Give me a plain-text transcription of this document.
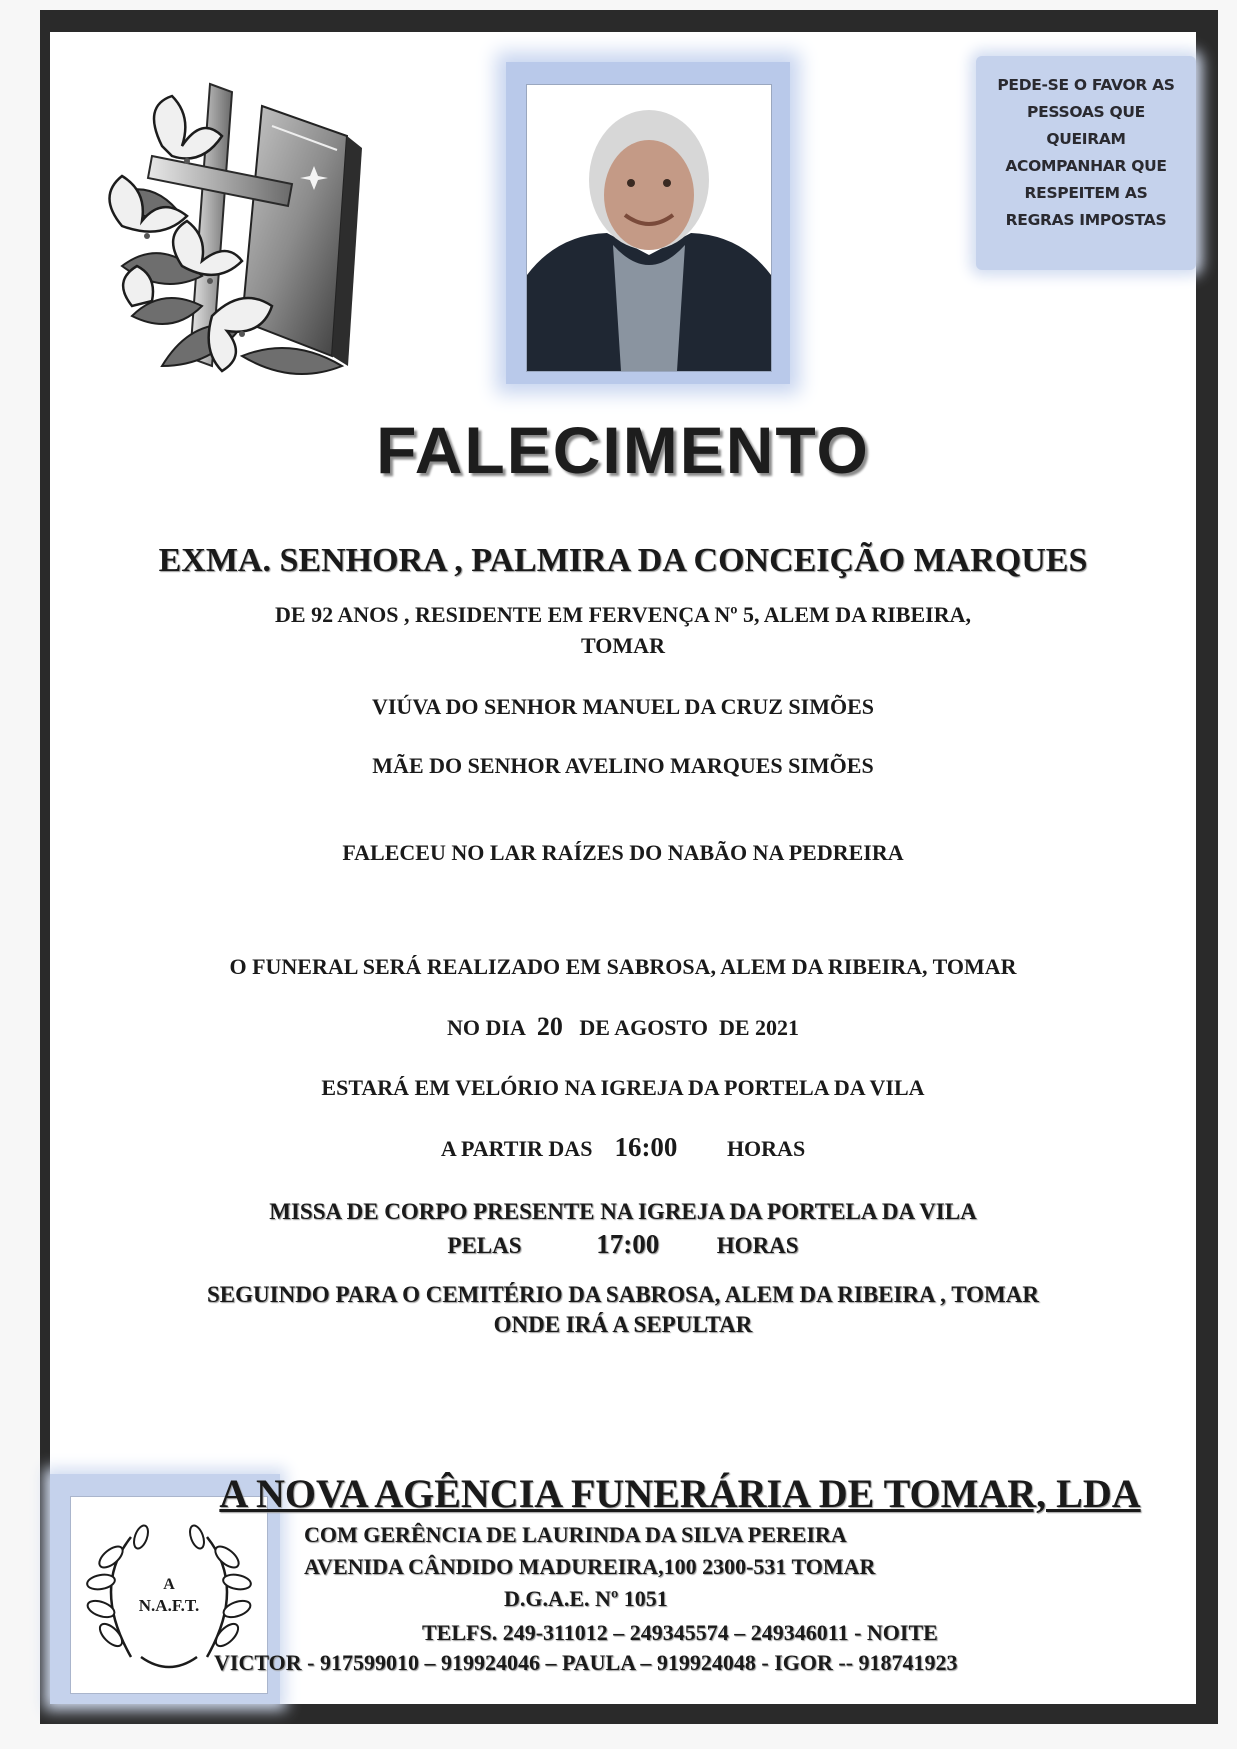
PEDE-SE O FAVOR AS
PESSOAS QUE
QUEIRAM
ACOMPANHAR QUE
RESPEITEM AS
REGRAS IMPOSTAS
FALECIMENTO
EXMA. SENHORA , PALMIRA DA CONCEIÇÃO MARQUES
DE 92 ANOS , RESIDENTE EM FERVENÇA Nº 5, ALEM DA RIBEIRA,
TOMAR
VIÚVA DO SENHOR MANUEL DA CRUZ SIMÕES
MÃE DO SENHOR AVELINO MARQUES SIMÕES
FALECEU NO LAR RAÍZES DO NABÃO NA PEDREIRA
O FUNERAL SERÁ REALIZADO EM SABROSA, ALEM DA RIBEIRA, TOMAR
NO DIA 20 DE AGOSTO DE 2021
ESTARÁ EM VELÓRIO NA IGREJA DA PORTELA DA VILA
A PARTIR DAS 16:00 HORAS
MISSA DE CORPO PRESENTE NA IGREJA DA PORTELA DA VILA
PELAS	17:00	HORAS
SEGUINDO PARA O CEMITÉRIO DA SABROSA, ALEM DA RIBEIRA , TOMAR
ONDE IRÁ A SEPULTAR
A
N.A.F.T.
A NOVA AGÊNCIA FUNERÁRIA DE TOMAR, LDA
COM GERÊNCIA DE LAURINDA DA SILVA PEREIRA
AVENIDA CÂNDIDO MADUREIRA,100 2300-531 TOMAR
D.G.A.E. Nº 1051
TELFS. 249-311012 – 249345574 – 249346011 - NOITE
VICTOR - 917599010 – 919924046 – PAULA – 919924048 - IGOR -- 918741923
